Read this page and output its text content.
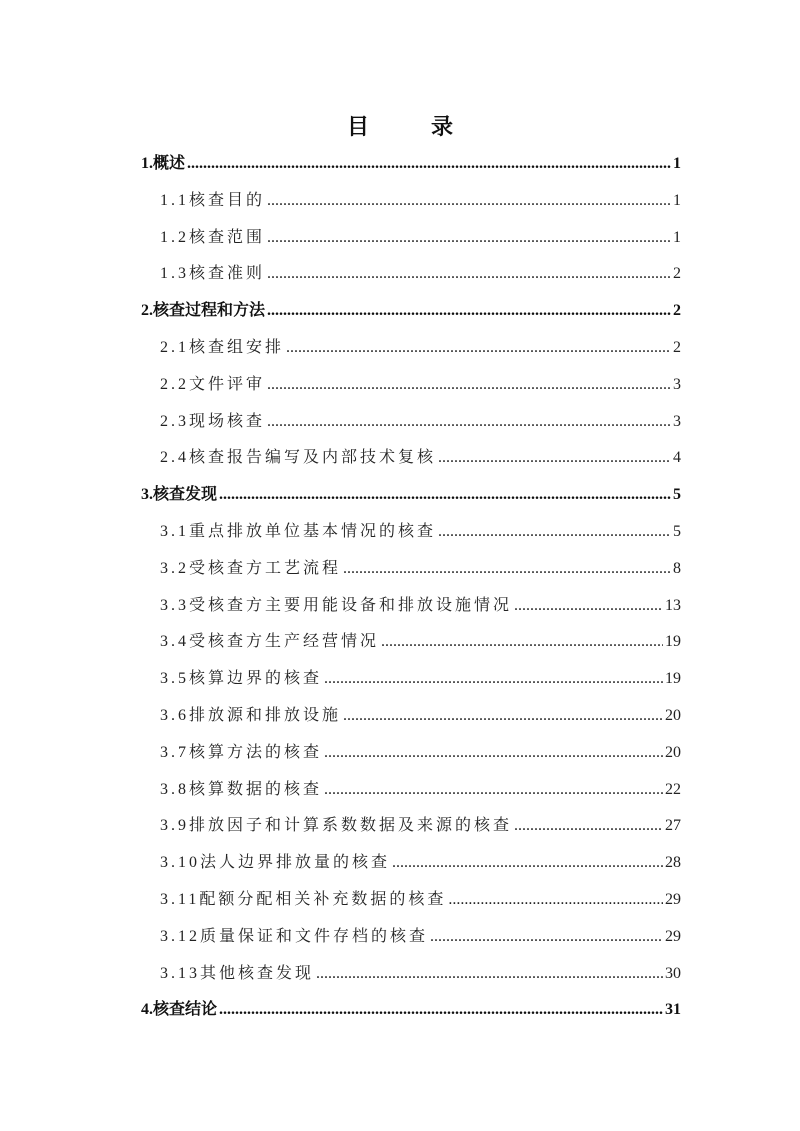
目　录
1.概述 .....	1
1.1核查目的 .....	1
1.2核查范围 .....	1
1.3核查准则 .....	2
2.核查过程和方法 .....	2
2.1核查组安排 .....	2
2.2文件评审 .....	3
2.3现场核查 .....	3
2.4核查报告编写及内部技术复核 .....	4
3.核查发现 .....	5
3.1重点排放单位基本情况的核查 .....	5
3.2受核查方工艺流程 .....	8
3.3受核查方主要用能设备和排放设施情况 .....	13
3.4受核查方生产经营情况 .....	19
3.5核算边界的核查 .....	19
3.6排放源和排放设施 .....	20
3.7核算方法的核查 .....	20
3.8核算数据的核查 .....	22
3.9排放因子和计算系数数据及来源的核查 .....	27
3.10法人边界排放量的核查 .....	28
3.11配额分配相关补充数据的核查 .....	29
3.12质量保证和文件存档的核查 .....	29
3.13其他核查发现 .....	30
4.核查结论 .....	31
